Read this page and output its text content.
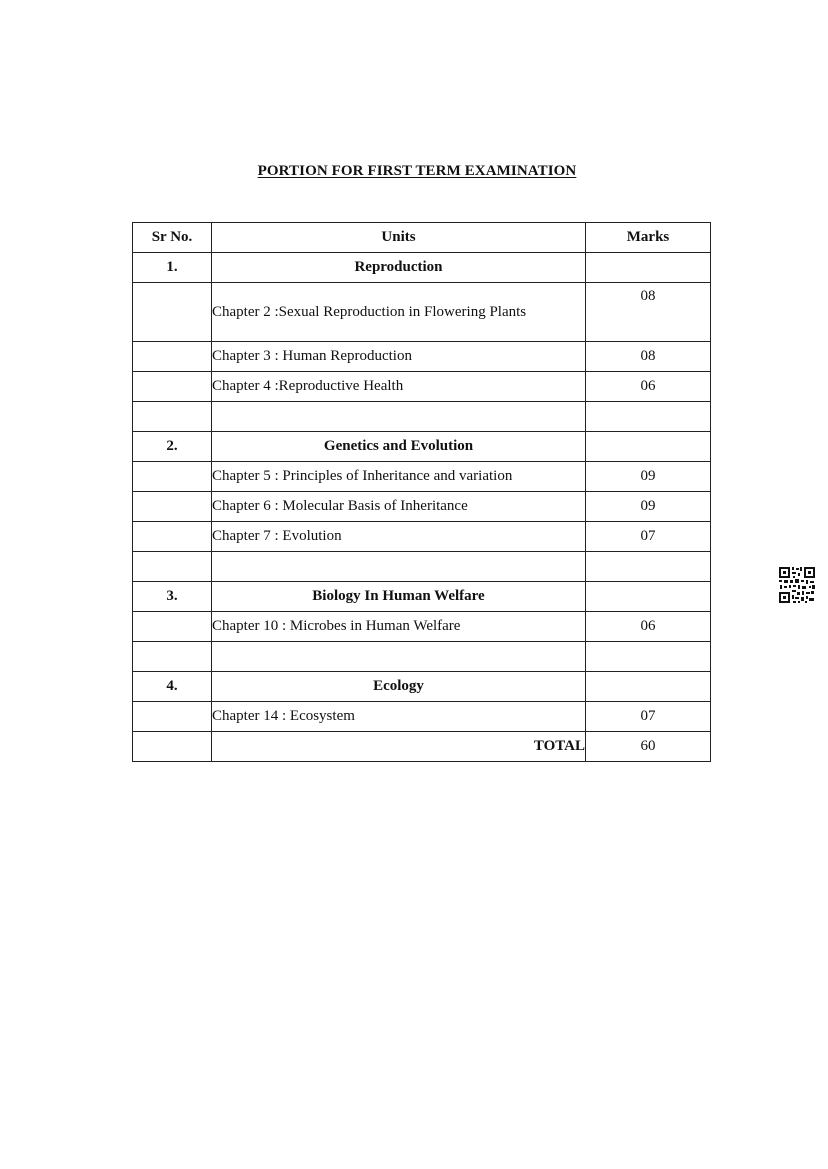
PORTION FOR FIRST TERM EXAMINATION
Sr No.	Units	Marks
1.	Reproduction	
	Chapter 2 :Sexual Reproduction in Flowering Plants	08
	Chapter 3 : Human Reproduction	08
	Chapter 4 :Reproductive Health	06

2.	Genetics and Evolution	
	Chapter 5 : Principles of Inheritance and variation	09
	Chapter 6 : Molecular Basis of Inheritance	09
	Chapter 7 : Evolution	07

3.	Biology In Human Welfare	
	Chapter 10 : Microbes in Human Welfare	06

4.	Ecology	
	Chapter 14 : Ecosystem	07
	TOTAL	60
